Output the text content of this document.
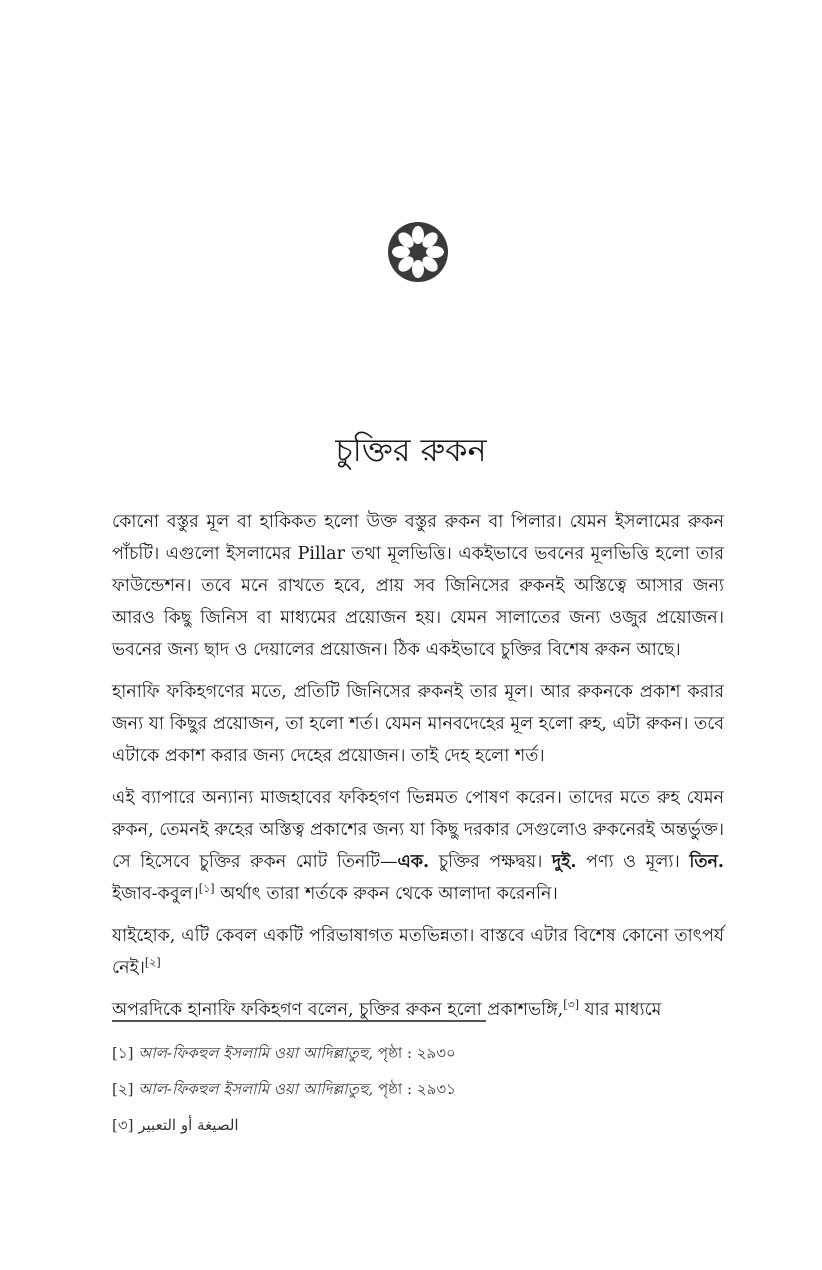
চুক্তির রুকন

কোনো বস্তুর মূল বা হাকিকত হলো উক্ত বস্তুর রুকন বা পিলার। যেমন ইসলামের রুকন পাঁচটি। এগুলো ইসলামের Pillar তথা মূলভিত্তি। একইভাবে ভবনের মূলভিত্তি হলো তার ফাউন্ডেশন। তবে মনে রাখতে হবে, প্রায় সব জিনিসের রুকনই অস্তিত্বে আসার জন্য আরও কিছু জিনিস বা মাধ্যমের প্রয়োজন হয়। যেমন সালাতের জন্য ওজুর প্রয়োজন। ভবনের জন্য ছাদ ও দেয়ালের প্রয়োজন। ঠিক একইভাবে চুক্তির বিশেষ রুকন আছে।

হানাফি ফকিহগণের মতে, প্রতিটি জিনিসের রুকনই তার মূল। আর রুকনকে প্রকাশ করার জন্য যা কিছুর প্রয়োজন, তা হলো শর্ত। যেমন মানবদেহের মূল হলো রুহ, এটা রুকন। তবে এটাকে প্রকাশ করার জন্য দেহের প্রয়োজন। তাই দেহ হলো শর্ত।

এই ব্যাপারে অন্যান্য মাজহাবের ফকিহগণ ভিন্নমত পোষণ করেন। তাদের মতে রুহ যেমন রুকন, তেমনই রুহের অস্তিত্ব প্রকাশের জন্য যা কিছু দরকার সেগুলোও রুকনেরই অন্তর্ভুক্ত। সে হিসেবে চুক্তির রুকন মোট তিনটি—এক. চুক্তির পক্ষদ্বয়। দুই. পণ্য ও মূল্য। তিন. ইজাব-কবুল।[১] অর্থাৎ তারা শর্তকে রুকন থেকে আলাদা করেননি।

যাইহোক, এটি কেবল একটি পরিভাষাগত মতভিন্নতা। বাস্তবে এটার বিশেষ কোনো তাৎপর্য নেই।[২]

অপরদিকে হানাফি ফকিহগণ বলেন, চুক্তির রুকন হলো প্রকাশভঙ্গি,[৩] যার মাধ্যমে

[১] আল-ফিকহুল ইসলামি ওয়া আদিল্লাতুহু, পৃষ্ঠা : ২৯৩০
[২] আল-ফিকহুল ইসলামি ওয়া আদিল্লাতুহু, পৃষ্ঠা : ২৯৩১
[৩] الصيغة أو التعبير
